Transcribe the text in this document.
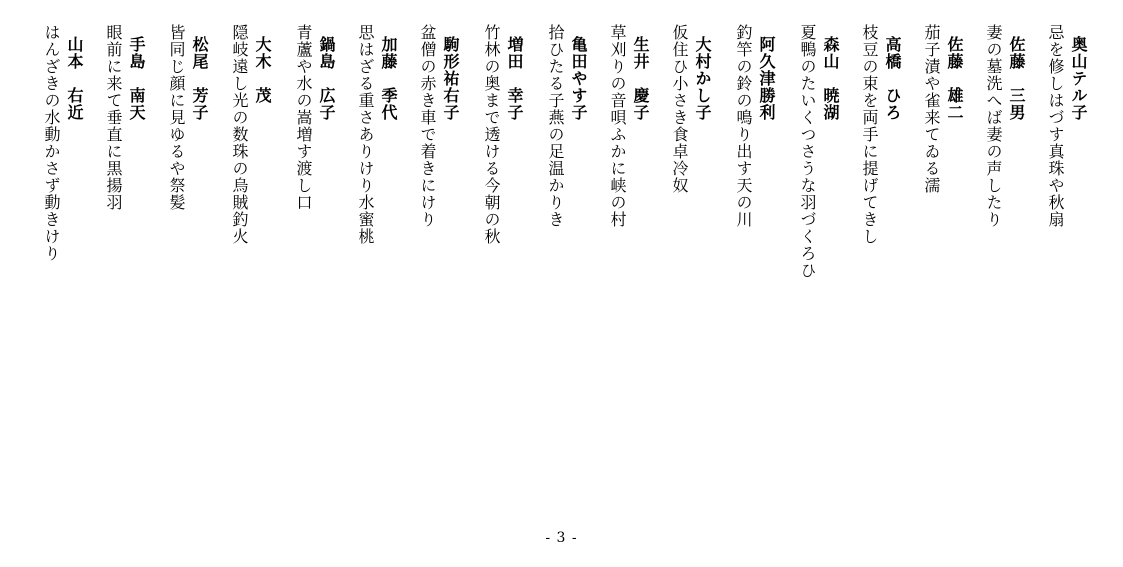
奥山テル子
忌を修しはづす真珠や秋扇
佐藤　三男
妻の墓洗へば妻の声したり
佐藤　雄二
茄子漬や雀来てゐる濡
高橋　ひろ
枝豆の束を両手に提げてきし
森山　暁湖
夏鴨のたいくつさうな羽づくろひ
阿久津勝利
釣竿の鈴の鳴り出す天の川
大村かし子
仮住ひ小さき食卓冷奴
生井　慶子
草刈りの音唄ふかに峡の村
亀田やす子
拾ひたる子燕の足温かりき
増田　幸子
竹林の奥まで透ける今朝の秋
駒形祐右子
盆僧の赤き車で着きにけり
加藤　季代
思はざる重さありけり水蜜桃
鍋島　広子
青蘆や水の嵩増す渡し口
大木　茂
隠岐遠し光の数珠の烏賊釣火
松尾　芳子
皆同じ顔に見ゆるや祭髪
手島　南天
眼前に来て垂直に黒揚羽
山本　右近
はんざきの水動かさず動きけり
- 3 -
